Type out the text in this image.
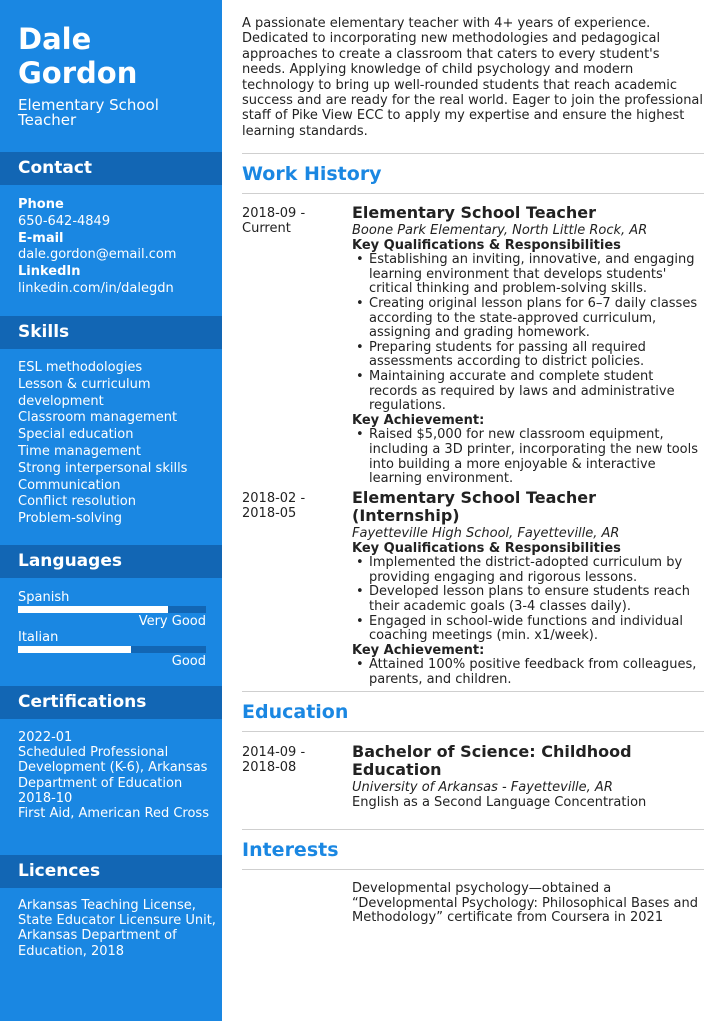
Dale
Gordon
Elementary School Teacher
Contact
Phone
650-642-4849
E-mail
dale.gordon@email.com
LinkedIn
linkedin.com/in/dalegdn
Skills
ESL methodologies
Lesson & curriculum development
Classroom management
Special education
Time management
Strong interpersonal skills
Communication
Conflict resolution
Problem-solving
Languages
Spanish
Very Good
Italian
Good
Certifications
2022-01
Scheduled Professional Development (K-6), Arkansas Department of Education
2018-10
First Aid, American Red Cross
Licences
Arkansas Teaching License, State Educator Licensure Unit, Arkansas Department of Education, 2018
A passionate elementary teacher with 4+ years of experience. Dedicated to incorporating new methodologies and pedagogical approaches to create a classroom that caters to every student's needs. Applying knowledge of child psychology and modern technology to bring up well-rounded students that reach academic success and are ready for the real world. Eager to join the professional staff of Pike View ECC to apply my expertise and ensure the highest learning standards.
Work History
2018-09 -
Current
Elementary School Teacher
Boone Park Elementary, North Little Rock, AR
Key Qualifications & Responsibilities
• Establishing an inviting, innovative, and engaging learning environment that develops students' critical thinking and problem-solving skills.
• Creating original lesson plans for 6–7 daily classes according to the state-approved curriculum, assigning and grading homework.
• Preparing students for passing all required assessments according to district policies.
• Maintaining accurate and complete student records as required by laws and administrative regulations.
Key Achievement:
• Raised $5,000 for new classroom equipment, including a 3D printer, incorporating the new tools into building a more enjoyable & interactive learning environment.
2018-02 -
2018-05
Elementary School Teacher (Internship)
Fayetteville High School, Fayetteville, AR
Key Qualifications & Responsibilities
• Implemented the district-adopted curriculum by providing engaging and rigorous lessons.
• Developed lesson plans to ensure students reach their academic goals (3-4 classes daily).
• Engaged in school-wide functions and individual coaching meetings (min. x1/week).
Key Achievement:
• Attained 100% positive feedback from colleagues, parents, and children.
Education
2014-09 -
2018-08
Bachelor of Science: Childhood Education
University of Arkansas - Fayetteville, AR
English as a Second Language Concentration
Interests
Developmental psychology—obtained a “Developmental Psychology: Philosophical Bases and Methodology” certificate from Coursera in 2021
